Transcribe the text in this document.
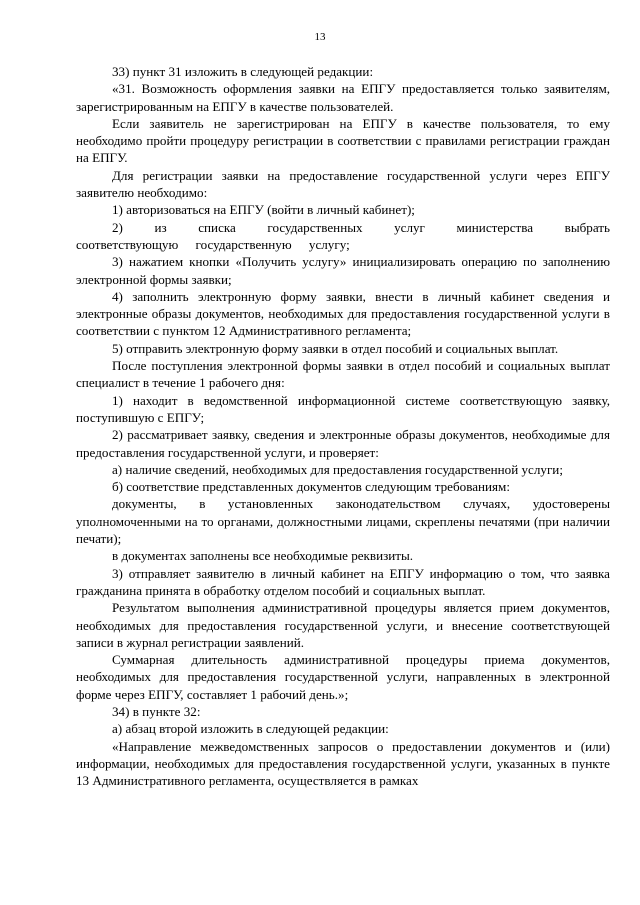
13

33) пункт 31 изложить в следующей редакции:

«31. Возможность оформления заявки на ЕПГУ предоставляется только заявителям, зарегистрированным на ЕПГУ в качестве пользователей.

Если заявитель не зарегистрирован на ЕПГУ в качестве пользователя, то ему необходимо пройти процедуру регистрации в соответствии с правилами регистрации граждан на ЕПГУ.

Для регистрации заявки на предоставление государственной услуги через ЕПГУ заявителю необходимо:

1) авторизоваться на ЕПГУ (войти в личный кабинет);

2) из списка государственных услуг министерства выбрать соответствующую государственную услугу;

3) нажатием кнопки «Получить услугу» инициализировать операцию по заполнению электронной формы заявки;

4) заполнить электронную форму заявки, внести в личный кабинет сведения и электронные образы документов, необходимых для предоставления государственной услуги в соответствии с пунктом 12 Административного регламента;

5) отправить электронную форму заявки в отдел пособий и социальных выплат.

После поступления электронной формы заявки в отдел пособий и социальных выплат специалист в течение 1 рабочего дня:

1) находит в ведомственной информационной системе соответствующую заявку, поступившую с ЕПГУ;

2) рассматривает заявку, сведения и электронные образы документов, необходимые для предоставления государственной услуги, и проверяет:

а) наличие сведений, необходимых для предоставления государственной услуги;

б) соответствие представленных документов следующим требованиям:

документы, в установленных законодательством случаях, удостоверены уполномоченными на то органами, должностными лицами, скреплены печатями (при наличии печати);

в документах заполнены все необходимые реквизиты.

3) отправляет заявителю в личный кабинет на ЕПГУ информацию о том, что заявка гражданина принята в обработку отделом пособий и социальных выплат.

Результатом выполнения административной процедуры является прием документов, необходимых для предоставления государственной услуги, и внесение соответствующей записи в журнал регистрации заявлений.

Суммарная длительность административной процедуры приема документов, необходимых для предоставления государственной услуги, направленных в электронной форме через ЕПГУ, составляет 1 рабочий день.»;

34) в пункте 32:

а) абзац второй изложить в следующей редакции:

«Направление межведомственных запросов о предоставлении документов и (или) информации, необходимых для предоставления государственной услуги, указанных в пункте 13 Административного регламента, осуществляется в рамках
